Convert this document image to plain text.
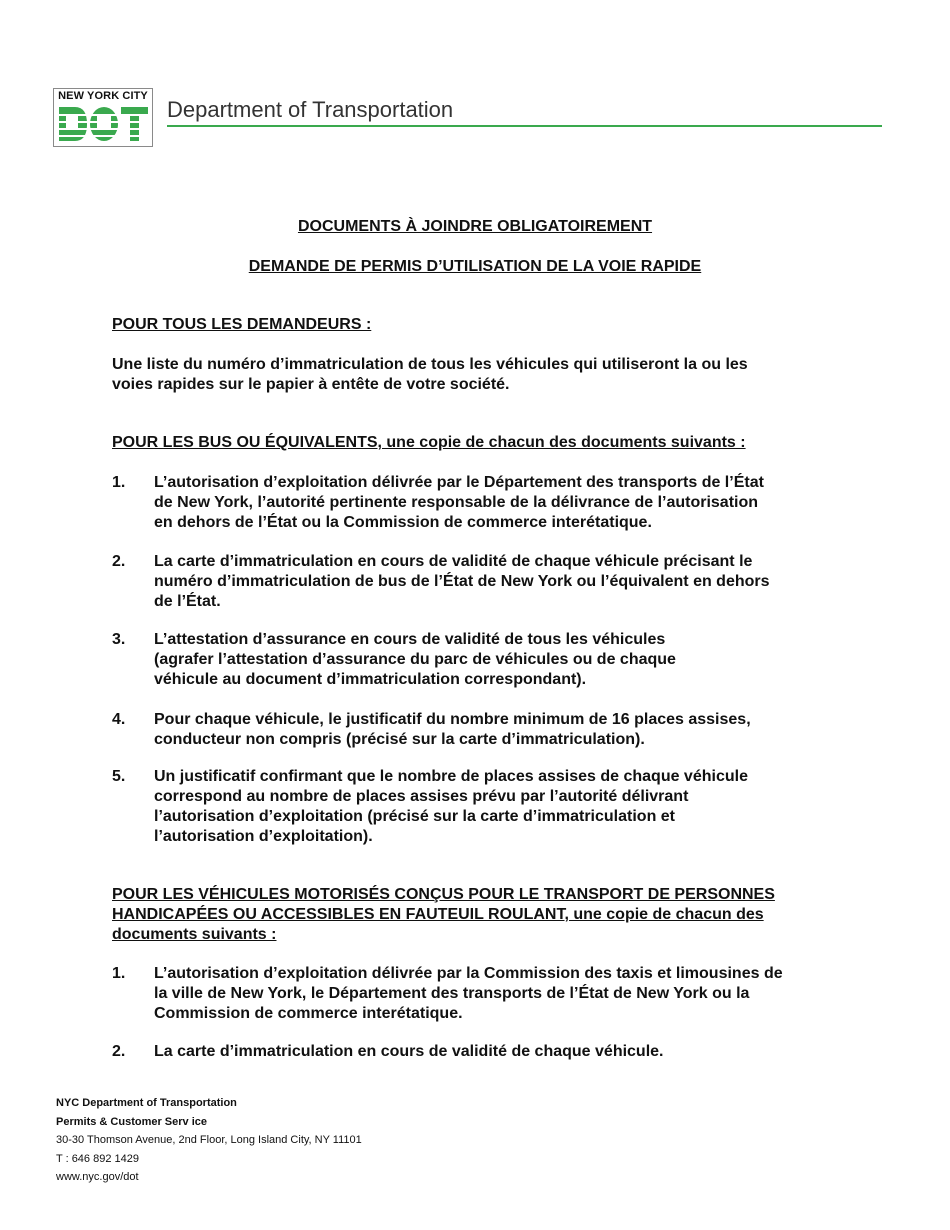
NEW YORK CITY
Department of Transportation
DOCUMENTS À JOINDRE OBLIGATOIREMENT
DEMANDE DE PERMIS D’UTILISATION DE LA VOIE RAPIDE
POUR TOUS LES DEMANDEURS :
Une liste du numéro d’immatriculation de tous les véhicules qui utiliseront la ou les
voies rapides sur le papier à entête de votre société.
POUR LES BUS OU ÉQUIVALENTS, une copie de chacun des documents suivants :
1. L’autorisation d’exploitation délivrée par le Département des transports de l’État
de New York, l’autorité pertinente responsable de la délivrance de l’autorisation
en dehors de l’État ou la Commission de commerce interétatique.
2. La carte d’immatriculation en cours de validité de chaque véhicule précisant le
numéro d’immatriculation de bus de l’État de New York ou l’équivalent en dehors
de l’État.
3. L’attestation d’assurance en cours de validité de tous les véhicules
(agrafer l’attestation d’assurance du parc de véhicules ou de chaque
véhicule au document d’immatriculation correspondant).
4. Pour chaque véhicule, le justificatif du nombre minimum de 16 places assises,
conducteur non compris (précisé sur la carte d’immatriculation).
5. Un justificatif confirmant que le nombre de places assises de chaque véhicule
correspond au nombre de places assises prévu par l’autorité délivrant
l’autorisation d’exploitation (précisé sur la carte d’immatriculation et
l’autorisation d’exploitation).
POUR LES VÉHICULES MOTORISÉS CONÇUS POUR LE TRANSPORT DE PERSONNES
HANDICAPÉES OU ACCESSIBLES EN FAUTEUIL ROULANT, une copie de chacun des
documents suivants :
1. L’autorisation d’exploitation délivrée par la Commission des taxis et limousines de
la ville de New York, le Département des transports de l’État de New York ou la
Commission de commerce interétatique.
2. La carte d’immatriculation en cours de validité de chaque véhicule.
NYC Department of Transportation
Permits & Customer Serv ice
30-30 Thomson Avenue, 2nd Floor, Long Island City, NY 11101
T : 646 892 1429
www.nyc.gov/dot
